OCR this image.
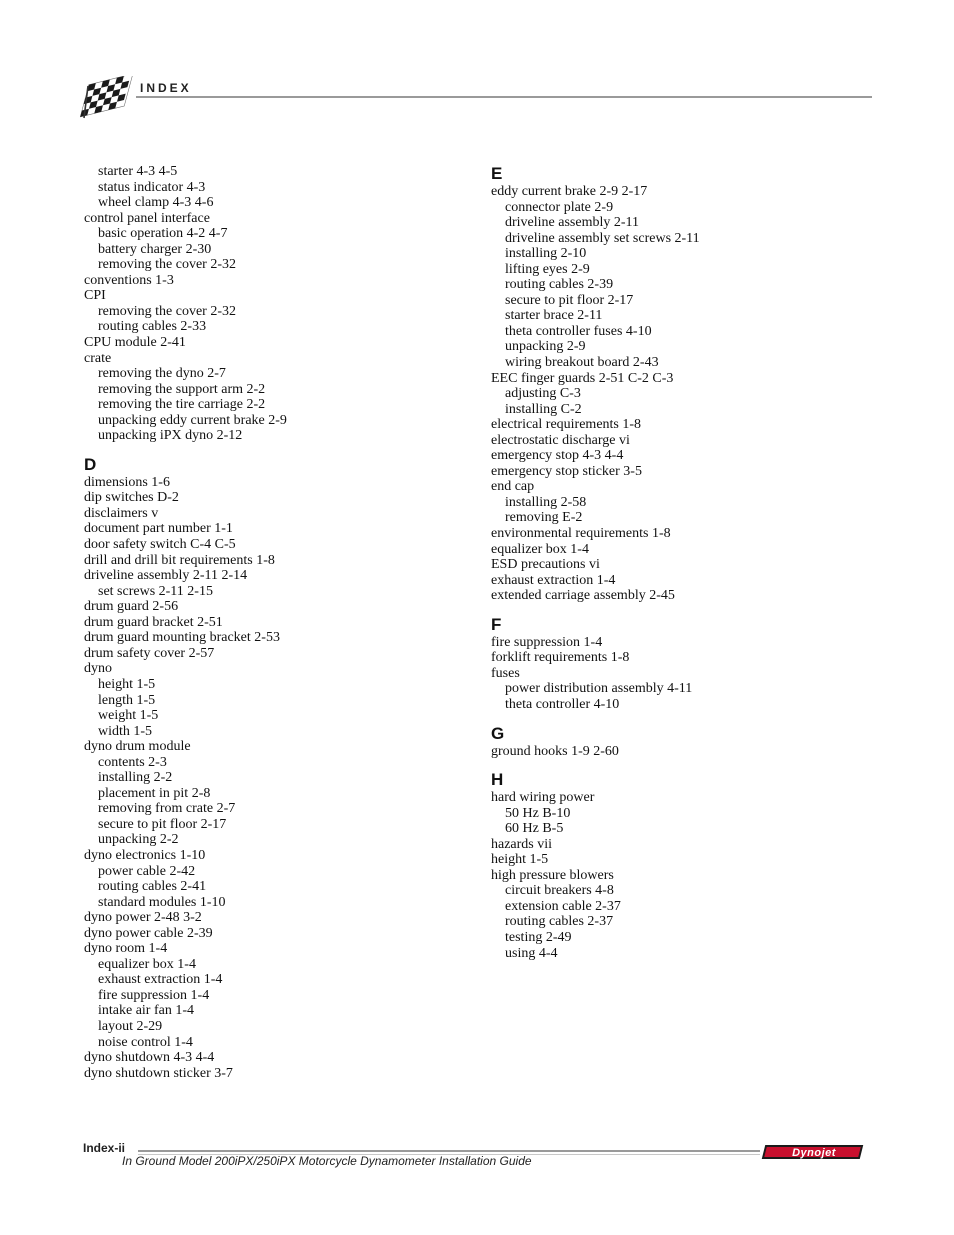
INDEX
starter 4-3 4-5
status indicator 4-3
wheel clamp 4-3 4-6
control panel interface
basic operation 4-2 4-7
battery charger 2-30
removing the cover 2-32
conventions 1-3
CPI
removing the cover 2-32
routing cables 2-33
CPU module 2-41
crate
removing the dyno 2-7
removing the support arm 2-2
removing the tire carriage 2-2
unpacking eddy current brake 2-9
unpacking iPX dyno 2-12
D
dimensions 1-6
dip switches D-2
disclaimers v
document part number 1-1
door safety switch C-4 C-5
drill and drill bit requirements 1-8
driveline assembly 2-11 2-14
set screws 2-11 2-15
drum guard 2-56
drum guard bracket 2-51
drum guard mounting bracket 2-53
drum safety cover 2-57
dyno
height 1-5
length 1-5
weight 1-5
width 1-5
dyno drum module
contents 2-3
installing 2-2
placement in pit 2-8
removing from crate 2-7
secure to pit floor 2-17
unpacking 2-2
dyno electronics 1-10
power cable 2-42
routing cables 2-41
standard modules 1-10
dyno power 2-48 3-2
dyno power cable 2-39
dyno room 1-4
equalizer box 1-4
exhaust extraction 1-4
fire suppression 1-4
intake air fan 1-4
layout 2-29
noise control 1-4
dyno shutdown 4-3 4-4
dyno shutdown sticker 3-7
E
eddy current brake 2-9 2-17
connector plate 2-9
driveline assembly 2-11
driveline assembly set screws 2-11
installing 2-10
lifting eyes 2-9
routing cables 2-39
secure to pit floor 2-17
starter brace 2-11
theta controller fuses 4-10
unpacking 2-9
wiring breakout board 2-43
EEC finger guards 2-51 C-2 C-3
adjusting C-3
installing C-2
electrical requirements 1-8
electrostatic discharge vi
emergency stop 4-3 4-4
emergency stop sticker 3-5
end cap
installing 2-58
removing E-2
environmental requirements 1-8
equalizer box 1-4
ESD precautions vi
exhaust extraction 1-4
extended carriage assembly 2-45
F
fire suppression 1-4
forklift requirements 1-8
fuses
power distribution assembly 4-11
theta controller 4-10
G
ground hooks 1-9 2-60
H
hard wiring power
50 Hz B-10
60 Hz B-5
hazards vii
height 1-5
high pressure blowers
circuit breakers 4-8
extension cable 2-37
routing cables 2-37
testing 2-49
using 4-4
Index-ii
In Ground Model 200iPX/250iPX Motorcycle Dynamometer Installation Guide
Dynojet
